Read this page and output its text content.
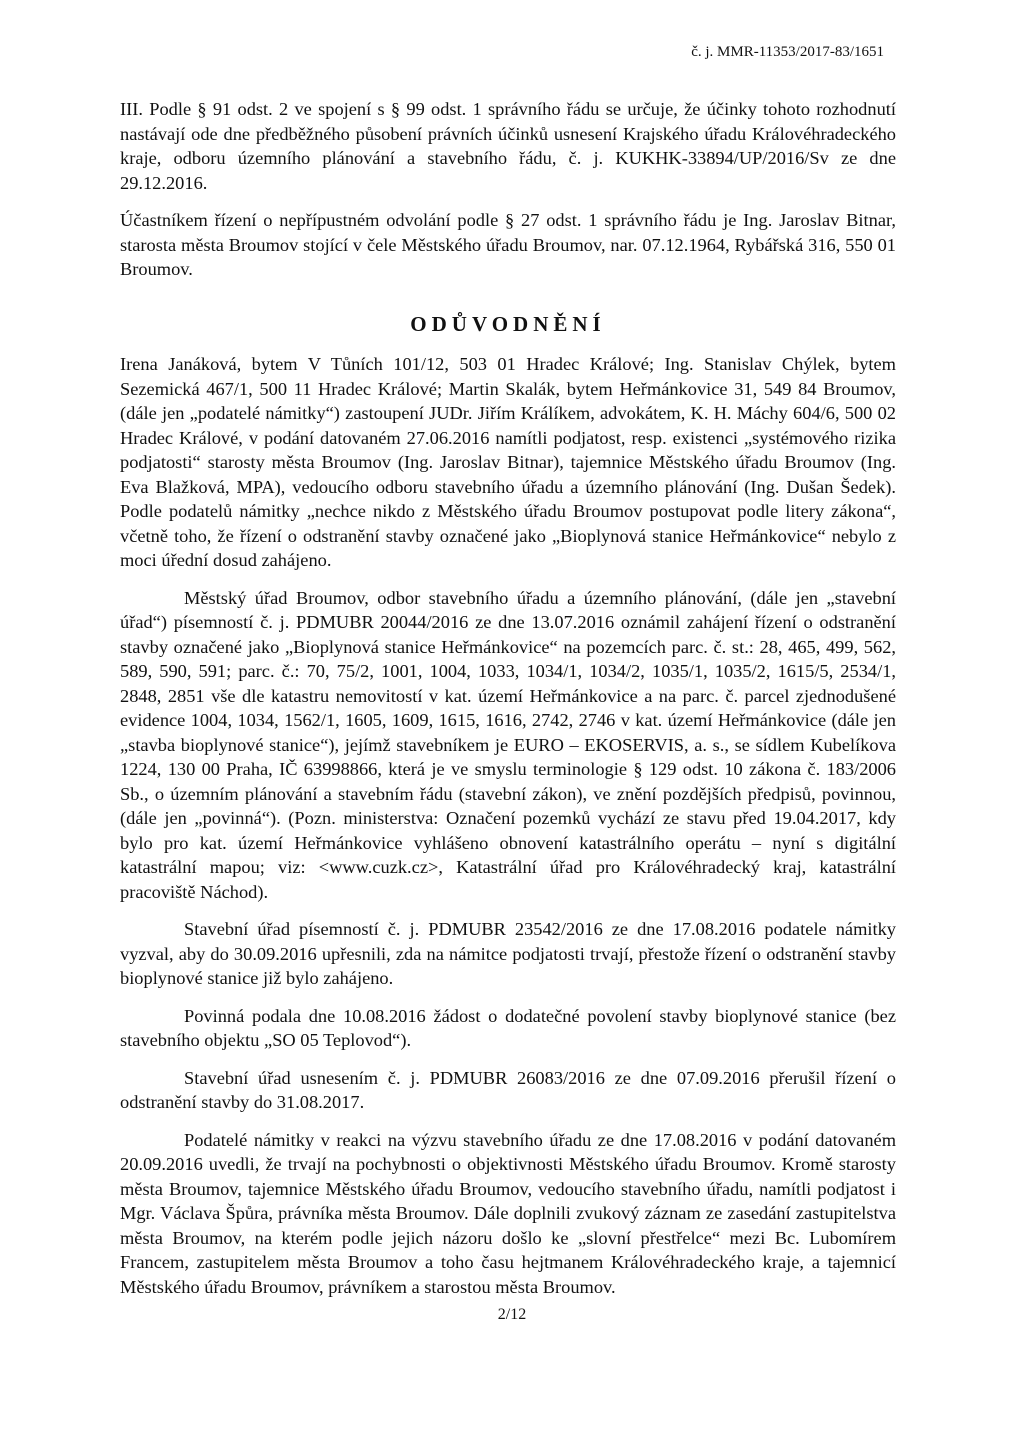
č. j. MMR-11353/2017-83/1651

III. Podle § 91 odst. 2 ve spojení s § 99 odst. 1 správního řádu se určuje, že účinky tohoto rozhodnutí nastávají ode dne předběžného působení právních účinků usnesení Krajského úřadu Královéhradeckého kraje, odboru územního plánování a stavebního řádu, č. j. KUKHK-33894/UP/2016/Sv ze dne 29.12.2016.

Účastníkem řízení o nepřípustném odvolání podle § 27 odst. 1 správního řádu je Ing. Jaroslav Bitnar, starosta města Broumov stojící v čele Městského úřadu Broumov, nar. 07.12.1964, Rybářská 316, 550 01 Broumov.

ODŮVODNĚNÍ

Irena Janáková, bytem V Tůních 101/12, 503 01 Hradec Králové; Ing. Stanislav Chýlek, bytem Sezemická 467/1, 500 11 Hradec Králové; Martin Skalák, bytem Heřmánkovice 31, 549 84 Broumov, (dále jen „podatelé námitky“) zastoupení JUDr. Jiřím Králíkem, advokátem, K. H. Máchy 604/6, 500 02 Hradec Králové, v podání datovaném 27.06.2016 namítli podjatost, resp. existenci „systémového rizika podjatosti“ starosty města Broumov (Ing. Jaroslav Bitnar), tajemnice Městského úřadu Broumov (Ing. Eva Blažková, MPA), vedoucího odboru stavebního úřadu a územního plánování (Ing. Dušan Šedek). Podle podatelů námitky „nechce nikdo z Městského úřadu Broumov postupovat podle litery zákona“, včetně toho, že řízení o odstranění stavby označené jako „Bioplynová stanice Heřmánkovice“ nebylo z moci úřední dosud zahájeno.

Městský úřad Broumov, odbor stavebního úřadu a územního plánování, (dále jen „stavební úřad“) písemností č. j. PDMUBR 20044/2016 ze dne 13.07.2016 oznámil zahájení řízení o odstranění stavby označené jako „Bioplynová stanice Heřmánkovice“ na pozemcích parc. č. st.: 28, 465, 499, 562, 589, 590, 591; parc. č.: 70, 75/2, 1001, 1004, 1033, 1034/1, 1034/2, 1035/1, 1035/2, 1615/5, 2534/1, 2848, 2851 vše dle katastru nemovitostí v kat. území Heřmánkovice a na parc. č. parcel zjednodušené evidence 1004, 1034, 1562/1, 1605, 1609, 1615, 1616, 2742, 2746 v kat. území Heřmánkovice (dále jen „stavba bioplynové stanice“), jejímž stavebníkem je EURO – EKOSERVIS, a. s., se sídlem Kubelíkova 1224, 130 00 Praha, IČ 63998866, která je ve smyslu terminologie § 129 odst. 10 zákona č. 183/2006 Sb., o územním plánování a stavebním řádu (stavební zákon), ve znění pozdějších předpisů, povinnou, (dále jen „povinná“). (Pozn. ministerstva: Označení pozemků vychází ze stavu před 19.04.2017, kdy bylo pro kat. území Heřmánkovice vyhlášeno obnovení katastrálního operátu – nyní s digitální katastrální mapou; viz: <www.cuzk.cz>, Katastrální úřad pro Královéhradecký kraj, katastrální pracoviště Náchod).

Stavební úřad písemností č. j. PDMUBR 23542/2016 ze dne 17.08.2016 podatele námitky vyzval, aby do 30.09.2016 upřesnili, zda na námitce podjatosti trvají, přestože řízení o odstranění stavby bioplynové stanice již bylo zahájeno.

Povinná podala dne 10.08.2016 žádost o dodatečné povolení stavby bioplynové stanice (bez stavebního objektu „SO 05 Teplovod“).

Stavební úřad usnesením č. j. PDMUBR 26083/2016 ze dne 07.09.2016 přerušil řízení o odstranění stavby do 31.08.2017.

Podatelé námitky v reakci na výzvu stavebního úřadu ze dne 17.08.2016 v podání datovaném 20.09.2016 uvedli, že trvají na pochybnosti o objektivnosti Městského úřadu Broumov. Kromě starosty města Broumov, tajemnice Městského úřadu Broumov, vedoucího stavebního úřadu, namítli podjatost i Mgr. Václava Špůra, právníka města Broumov. Dále doplnili zvukový záznam ze zasedání zastupitelstva města Broumov, na kterém podle jejich názoru došlo ke „slovní přestřelce“ mezi Bc. Lubomírem Francem, zastupitelem města Broumov a toho času hejtmanem Královéhradeckého kraje, a tajemnicí Městského úřadu Broumov, právníkem a starostou města Broumov.

2/12
